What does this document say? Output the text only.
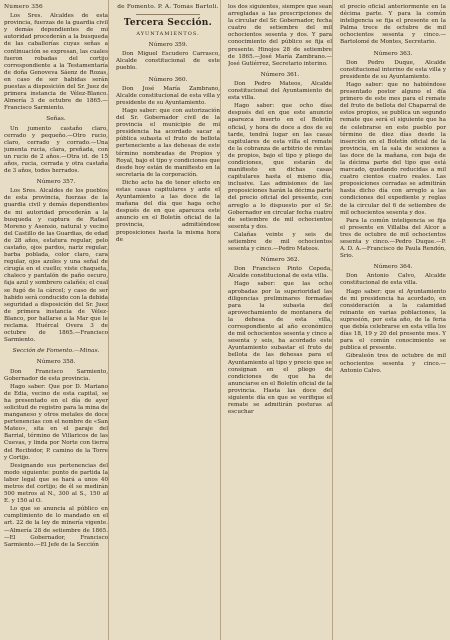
Número 356

Los Sres. Alcaldes de esta provincia, fuerzas de la guardia civil y demás dependientes de mi autoridad procederán a la busqueda de las caballerías cuyas señas a continuación se expresan, las cuales fueron robadas del cortijo correspondiente a la Testamentaría de doña Genoveva Sáenz de Rozas, en caso de ser habidas serán puestas a disposición del Sr. Juez de primera instancia de Vélez-Blanco. Almería 3 de octubre de 1865.—Francisco Sarmiento.

Señas.

Un jumento castaño claro, cerrado y pequeño.—Otro rucio, claro, cerrado y corrado.—Una jumenta rucia, clara, preñada, con un rucio de 2 años.—Otra id. de 15 años, rucia, cerrada y otra castaña de 3 años, todos herrados.

Número 357.

Los Sres. Alcaldes de los pueblos de esta provincia, fuerzas de la guardia civil y demás dependientes de mi autoridad procederán a la busqueda y captura de Rafael Moreno y Asensio, natural y vecino del Castillo de las Guardias, de edad de 28 años, estatura regular, pelo castaño, ojos pardos, nariz regular, barba poblada, color claro, cara regular, ojos azules y una señal de cirugía en el cuello; viste chaqueta, chaleco y pantalón de paño oscuro, faja azul y sombrero calañés; el cual se fugó de la cárcel; y caso de ser habido será conducido con la debida seguridad a disposición del Sr. Juez de primera instancia de Vélez-Blanco, por hallarse a la Mar que le reclama. Huércal Overa 3 de octubre de 1865.—Francisco Sarmiento.

Sección de Fomento.—Minas.
Número 358.

Don Francisco Sarmiento, Gobernador de esta provincia.

Hago saber: Que por D. Mariano de Edia, vecino de esta capital, se ha presentado en el día de ayer solicitud de registro para la mina de manganeso y otros metales de doce pertenencias con el nombre de «San Mateo», sita en el paraje del Barrial, término de Villaricos de las Cuevas, y linda por Norte con tierra del Recibidor, P. camino de la Torre y Cortijo.

Designando sus pertenencias del modo siguiente: punto de partida la labor legal que se hará a unos 40 metros del cortijo; de él se medirán 500 metros al N., 300 al S., 150 al E. y 150 al O.

Lo que se anuncia al público en cumplimiento de lo mandado en el art. 22 de la ley de minería vigente.—Almería 28 de setiembre de 1865.—El Gobernador, Francisco Sarmiento.—El Jefe de la Sección

de Fomento. P. A. Tomás Bartoli.
Tercera Sección.
AYUNTAMIENTOS.
Número 359.

Don Miguel Escudero Carrasco, Alcalde constitucional de este pueblo.

Número 360.

Don José María Zambrano, Alcalde constitucional de esta villa y presidente de su Ayuntamiento.

Hago saber: que con autorización del Sr. Gobernador civil de la provincia el municipio de mi presidencia ha acordado sacar a pública subasta el fruto de bellota perteneciente a las dehesas de este término nombradas de Propios y Royal, bajo el tipo y condiciones que desde hoy están de manifiesto en la secretaría de la corporación.

Dicho acto ha de tener efecto en estas casas capitulares y ante el Ayuntamiento a las doce de la mañana del día que haga ocho después de en que aparezca este anuncio en el Boletín oficial de la provincia, admitiéndose proposiciones hasta la misma hora de

los dos siguientes, siempre que sean arregladas a las prescripciones de la circular del Sr. Gobernador, fecha cuatro de setiembre del mil ochocientos sesenta y dos. Y para conocimiento del público se fija el presente. Hinojos 28 de setiembre de 1865.—José María Zambrano.—José Gutiérrez, Secretario interino.

Número 361.

Don Pedro Mateos, Alcalde constitucional del Ayuntamiento de esta villa.

Hago saber: que ocho días después del en que este anuncio aparezca inserto en el Boletín oficial, y hora de doce a dos de su tarde, tendrá lugar en las casas capitulares de esta villa el remate de la cobranza de arbitrio de rentas de propios, bajo el tipo y pliego de condiciones, que estarán de manifiesto en dichas casas capitulares hasta el mismo día, inclusive. Las admisiones de las proposiciones harán la décima parte del precio oficial del presente, con arreglo a lo dispuesto por el Sr. Gobernador en circular fecha cuatro de setiembre de mil ochocientos sesenta y dos.

Calañas veinte y seis de setiembre de mil ochocientos sesenta y cinco.—Pedro Mateos.

Número 362.

Don Francisco Pinto Cepeda, Alcalde constitucional de esta villa.

Hago saber: que las ocho aprobadas por la superioridad las diligencias preliminares formadas para la subasta del aprovechamiento de montanera de la dehesa de esta villa, correspondiente al año económico de mil ochocientos sesenta y cinco a sesenta y seis, ha acordado este Ayuntamiento subastar el fruto de bellota de las dehesas para el Ayuntamiento al tipo y precio que se consignan en el pliego de condiciones de que ha de anunciarse en el Boletín oficial de la provincia. Hasta las doce del siguiente día en que se verifique el remate se admitirán posturas al escuchar

el precio oficial anteriormente en la décima parte. Y para la común inteligencia se fija el presente en la Palma trece de octubre de mil ochocientos sesenta y cinco.—Bartolomé de Montes, Secretario.

Número 363.

Don Pedro Duque, Alcalde constitucional interino de esta villa y presidente de su Ayuntamiento.

Hago saber: que no habiéndose presentado postor alguno el día primero de este mes para el remate del fruto de bellota del Chaparral de estos propios, se publica un segundo remate que será el siguiente que ha de celebrarse en este pueblo por término de diez días desde la inserción en el Boletín oficial de la provincia, en la sala de sesiones a las doce de la mañana, con baja de la décima parte del tipo que está marcado, quedando reducidas a mil cuatro cientos cuatro reales. Las proposiciones cerradas se admitirán hasta dicho día con arreglo a las condiciones del expediente y reglas de la circular del 6 de setiembre de mil ochocientos sesenta y dos.

Para la común inteligencia se fija el presente en Villalba del Alcor a tres de octubre de mil ochocientos sesenta y cinco.—Pedro Duque.—P. A. D. A.—Francisco de Paula Rendón, Srio.

Número 364.

Don Antonio Calvo, Alcalde constitucional de esta villa.

Hago saber: que el Ayuntamiento de mi presidencia ha acordado, en consideración a la calamidad reinante en varias poblaciones, la supresión, por esta año, de la feria que debía celebrarse en esta villa los días 18, 19 y 20 del presente mes. Y para el común conocimiento se publica el presente.

Gibraleón tres de octubre de mil ochocientos sesenta y cinco.—Antonio Calvo.
